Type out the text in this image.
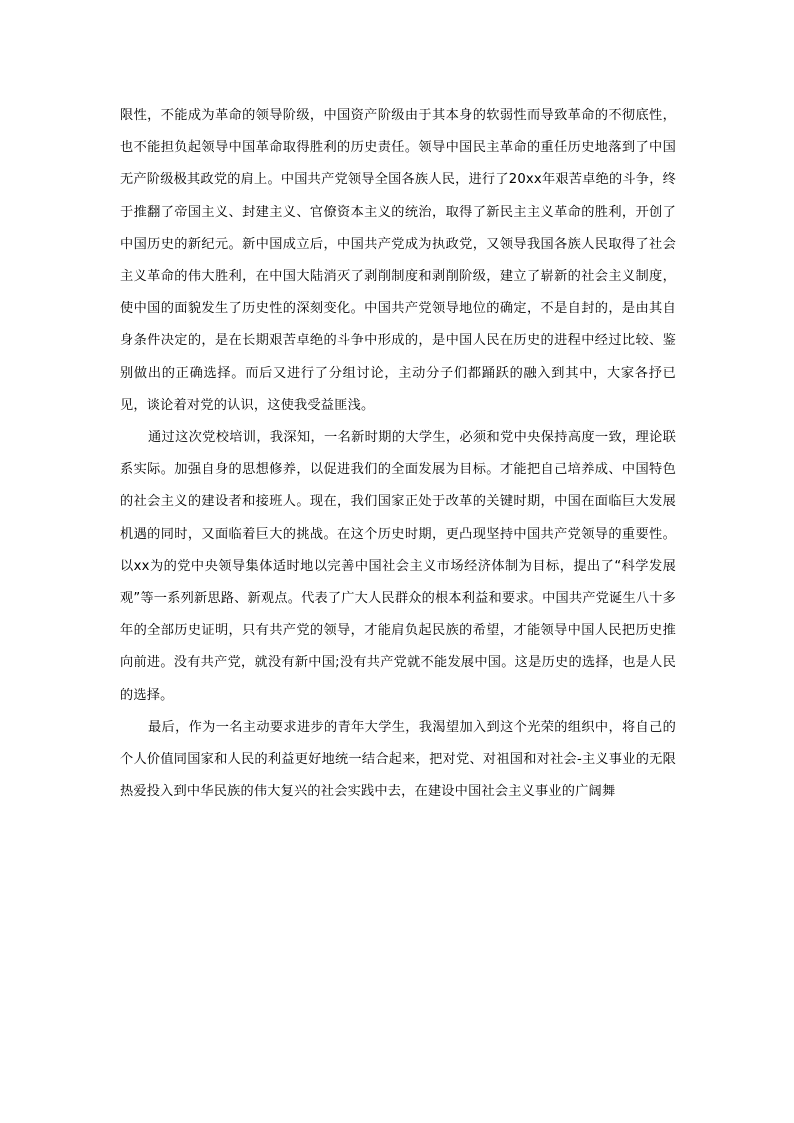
限性，不能成为革命的领导阶级，中国资产阶级由于其本身的软弱性而导致革命的不彻底性，也不能担负起领导中国革命取得胜利的历史责任。领导中国民主革命的重任历史地落到了中国无产阶级极其政党的肩上。中国共产党领导全国各族人民，进行了20xx年艰苦卓绝的斗争，终于推翻了帝国主义、封建主义、官僚资本主义的统治，取得了新民主主义革命的胜利，开创了中国历史的新纪元。新中国成立后，中国共产党成为执政党，又领导我国各族人民取得了社会主义革命的伟大胜利，在中国大陆消灭了剥削制度和剥削阶级，建立了崭新的社会主义制度，使中国的面貌发生了历史性的深刻变化。中国共产党领导地位的确定，不是自封的，是由其自身条件决定的，是在长期艰苦卓绝的斗争中形成的，是中国人民在历史的进程中经过比较、鉴别做出的正确选择。而后又进行了分组讨论，主动分子们都踊跃的融入到其中，大家各抒已见，谈论着对党的认识，这使我受益匪浅。

通过这次党校培训，我深知，一名新时期的大学生，必须和党中央保持高度一致，理论联系实际。加强自身的思想修养，以促进我们的全面发展为目标。才能把自己培养成、中国特色的社会主义的建设者和接班人。现在，我们国家正处于改革的关键时期，中国在面临巨大发展机遇的同时，又面临着巨大的挑战。在这个历史时期，更凸现坚持中国共产党领导的重要性。以xx为的党中央领导集体适时地以完善中国社会主义市场经济体制为目标，提出了“科学发展观”等一系列新思路、新观点。代表了广大人民群众的根本利益和要求。中国共产党诞生八十多年的全部历史证明，只有共产党的领导，才能肩负起民族的希望，才能领导中国人民把历史推向前进。没有共产党，就没有新中国;没有共产党就不能发展中国。这是历史的选择，也是人民的选择。

最后，作为一名主动要求进步的青年大学生，我渴望加入到这个光荣的组织中，将自己的个人价值同国家和人民的利益更好地统一结合起来，把对党、对祖国和对社会-主义事业的无限热爱投入到中华民族的伟大复兴的社会实践中去，在建设中国社会主义事业的广阔舞
